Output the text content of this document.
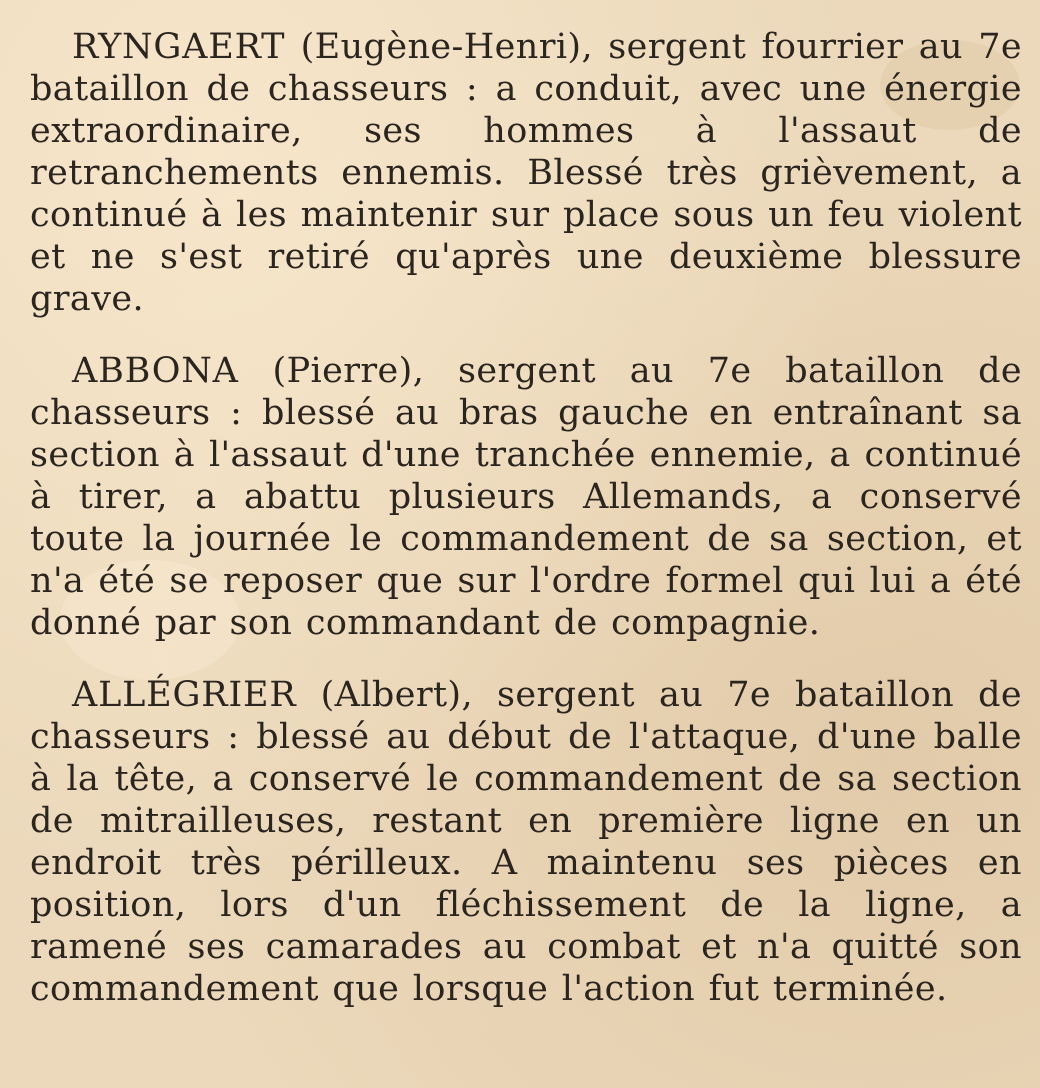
RYNGAERT (Eugène-Henri), sergent fourrier au 7e bataillon de chasseurs : a conduit, avec une énergie extraordinaire, ses hommes à l'assaut de retranchements ennemis. Blessé très grièvement, a continué à les maintenir sur place sous un feu violent et ne s'est retiré qu'après une deuxième blessure grave.

ABBONA (Pierre), sergent au 7e bataillon de chasseurs : blessé au bras gauche en entraînant sa section à l'assaut d'une tranchée ennemie, a continué à tirer, a abattu plusieurs Allemands, a conservé toute la journée le commandement de sa section, et n'a été se reposer que sur l'ordre formel qui lui a été donné par son commandant de compagnie.

ALLÉGRIER (Albert), sergent au 7e bataillon de chasseurs : blessé au début de l'attaque, d'une balle à la tête, a conservé le commandement de sa section de mitrailleuses, restant en première ligne en un endroit très périlleux. A maintenu ses pièces en position, lors d'un fléchissement de la ligne, a ramené ses camarades au combat et n'a quitté son commandement que lorsque l'action fut terminée.
